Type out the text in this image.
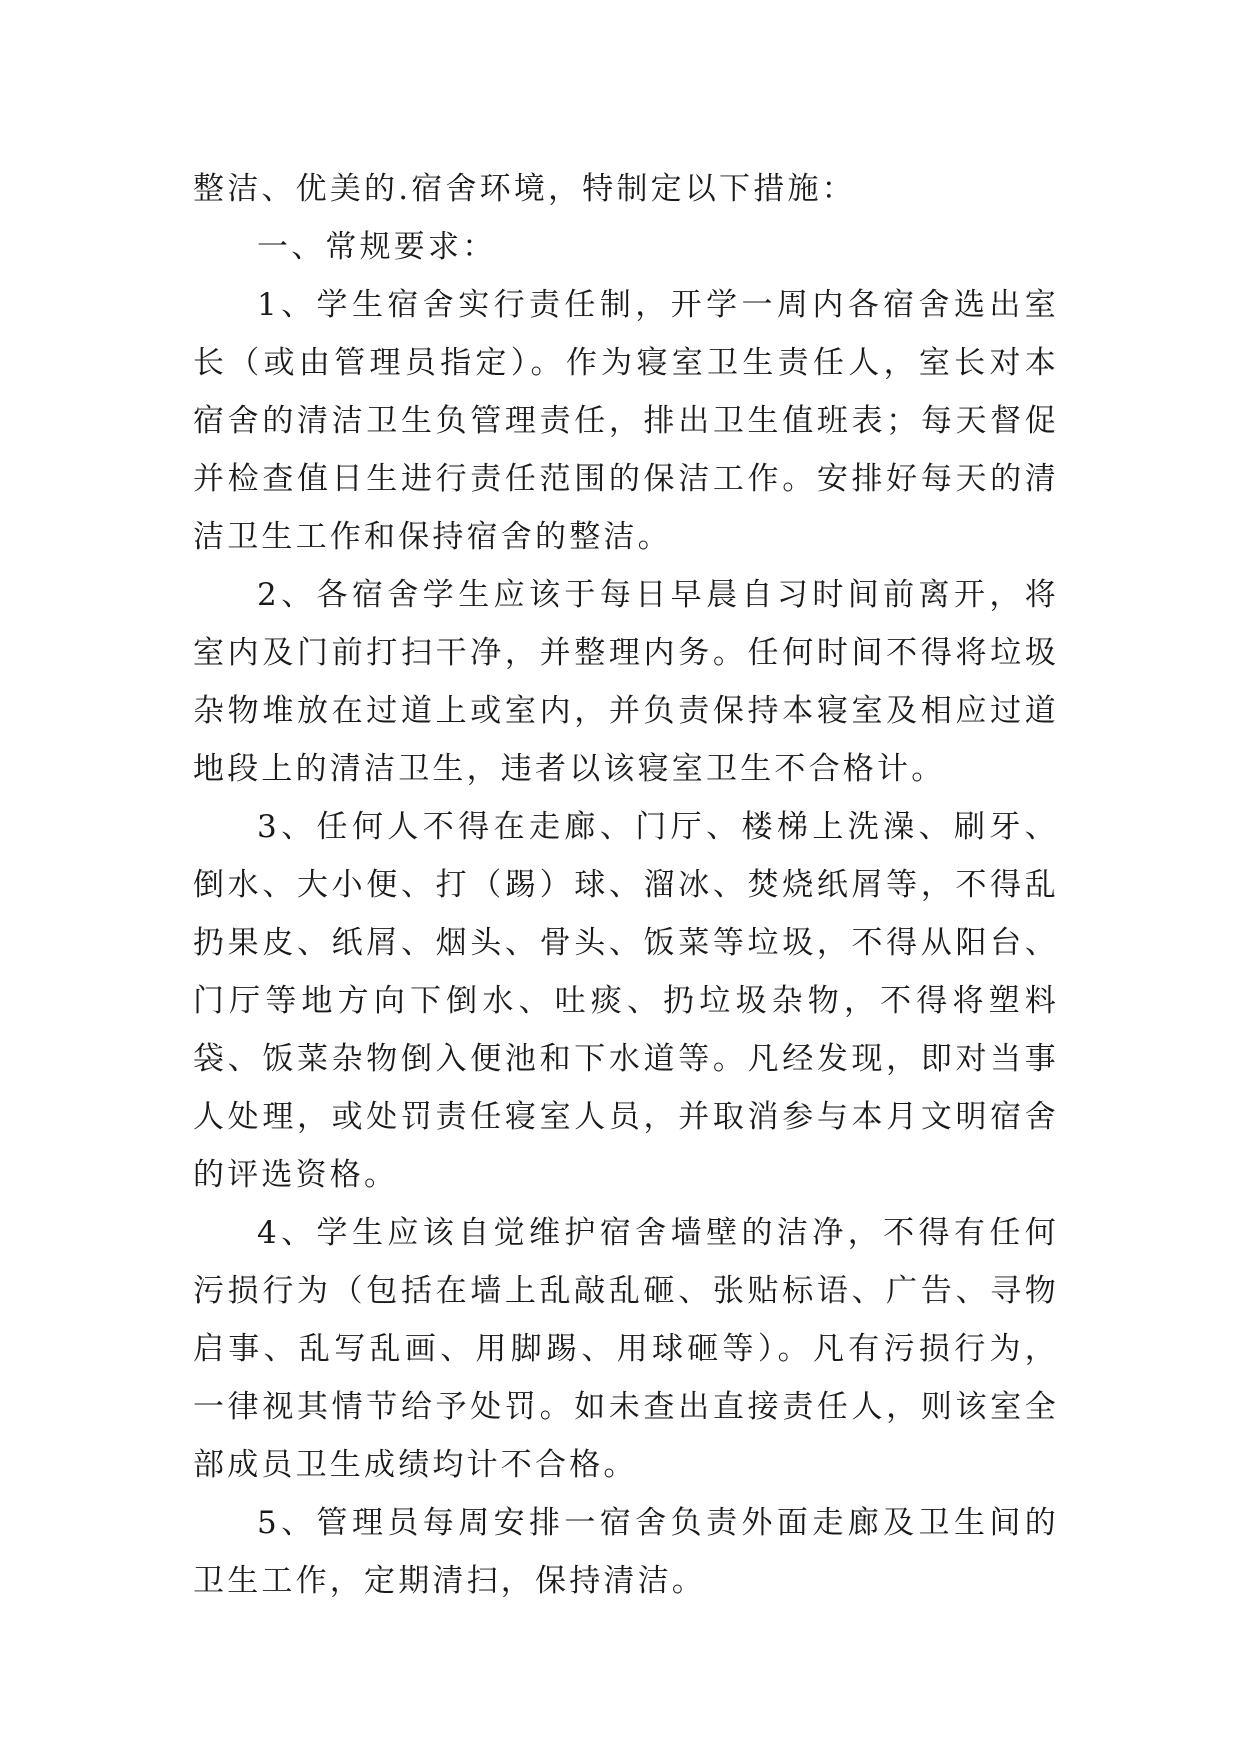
整洁、优美的.宿舍环境，特制定以下措施：

一、常规要求：

1、学生宿舍实行责任制，开学一周内各宿舍选出室长（或由管理员指定）。作为寝室卫生责任人，室长对本宿舍的清洁卫生负管理责任，排出卫生值班表；每天督促并检查值日生进行责任范围的保洁工作。安排好每天的清洁卫生工作和保持宿舍的整洁。

2、各宿舍学生应该于每日早晨自习时间前离开，将室内及门前打扫干净，并整理内务。任何时间不得将垃圾杂物堆放在过道上或室内，并负责保持本寝室及相应过道地段上的清洁卫生，违者以该寝室卫生不合格计。

3、任何人不得在走廊、门厅、楼梯上洗澡、刷牙、倒水、大小便、打（踢）球、溜冰、焚烧纸屑等，不得乱扔果皮、纸屑、烟头、骨头、饭菜等垃圾，不得从阳台、门厅等地方向下倒水、吐痰、扔垃圾杂物，不得将塑料袋、饭菜杂物倒入便池和下水道等。凡经发现，即对当事人处理，或处罚责任寝室人员，并取消参与本月文明宿舍的评选资格。

4、学生应该自觉维护宿舍墙壁的洁净，不得有任何污损行为（包括在墙上乱敲乱砸、张贴标语、广告、寻物启事、乱写乱画、用脚踢、用球砸等）。凡有污损行为，一律视其情节给予处罚。如未查出直接责任人，则该室全部成员卫生成绩均计不合格。

5、管理员每周安排一宿舍负责外面走廊及卫生间的卫生工作，定期清扫，保持清洁。
